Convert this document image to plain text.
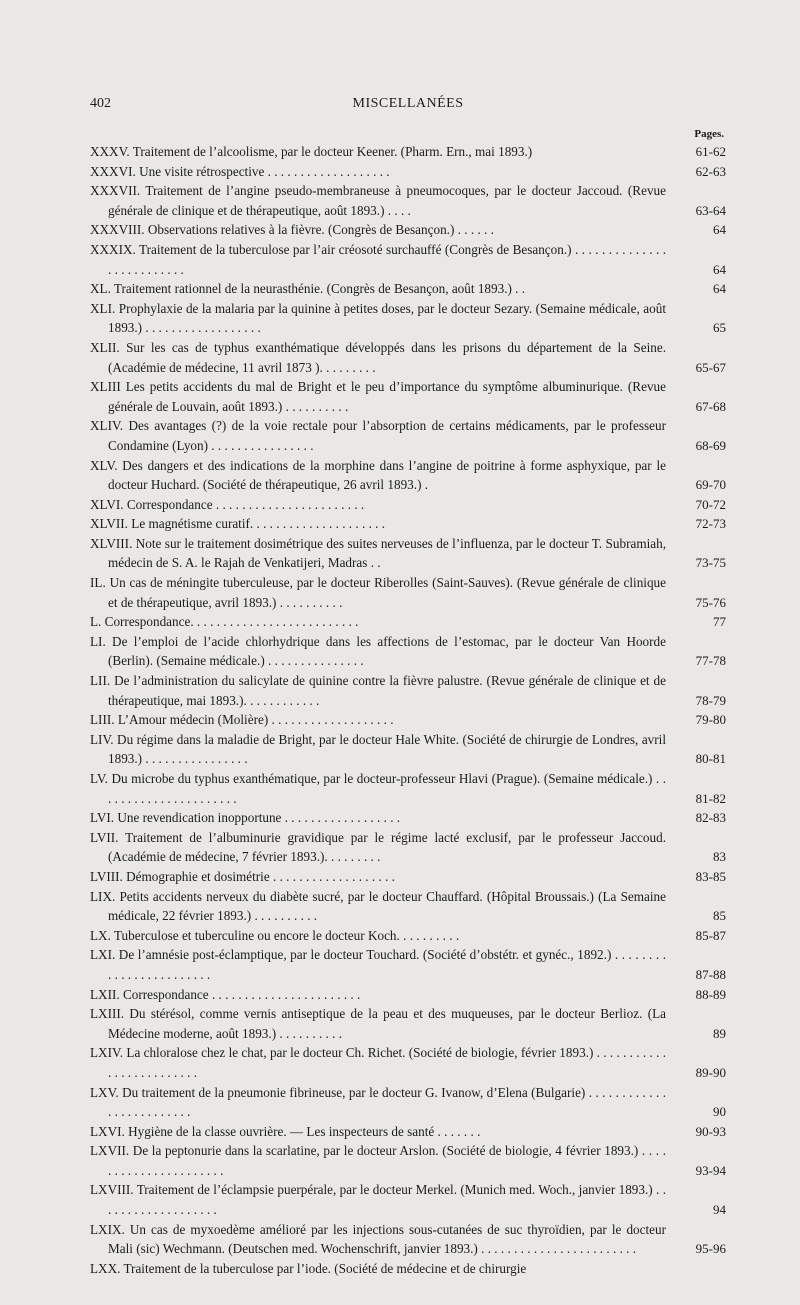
402	MISCELLANÉES
Pages.
XXXV. Traitement de l’alcoolisme, par le docteur Keener. (Pharm. Ern., mai 1893.)	61-62
XXXVI. Une visite rétrospective . . . . . . . . . . . . . . . . . . .	62-63
XXXVII. Traitement de l’angine pseudo-membraneuse à pneumocoques, par le docteur Jaccoud. (Revue générale de clinique et de thérapeutique, août 1893.) . . . .	63-64
XXXVIII. Observations relatives à la fièvre. (Congrès de Besançon.) . . . . . .	64
XXXIX. Traitement de la tuberculose par l’air créosoté surchauffé (Congrès de Besançon.) . . . . . . . . . . . . . . . . . . . . . . . . . .	64
XL. Traitement rationnel de la neurasthénie. (Congrès de Besançon, août 1893.) . .	64
XLI. Prophylaxie de la malaria par la quinine à petites doses, par le docteur Sezary. (Semaine médicale, août 1893.) . . . . . . . . . . . . . . . . . .	65
XLII. Sur les cas de typhus exanthématique développés dans les prisons du département de la Seine. (Académie de médecine, 11 avril 1873 ). . . . . . . . .	65-67
XLIII Les petits accidents du mal de Bright et le peu d’importance du symptôme albuminurique. (Revue générale de Louvain, août 1893.) . . . . . . . . . .	67-68
XLIV. Des avantages (?) de la voie rectale pour l’absorption de certains médicaments, par le professeur Condamine (Lyon) . . . . . . . . . . . . . . . .	68-69
XLV. Des dangers et des indications de la morphine dans l’angine de poitrine à forme asphyxique, par le docteur Huchard. (Société de thérapeutique, 26 avril 1893.) .	69-70
XLVI. Correspondance . . . . . . . . . . . . . . . . . . . . . . .	70-72
XLVII. Le magnétisme curatif. . . . . . . . . . . . . . . . . . . . .	72-73
XLVIII. Note sur le traitement dosimétrique des suites nerveuses de l’influenza, par le docteur T. Subramiah, médecin de S. A. le Rajah de Venkatijeri, Madras . .	73-75
IL. Un cas de méningite tuberculeuse, par le docteur Riberolles (Saint-Sauves). (Revue générale de clinique et de thérapeutique, avril 1893.) . . . . . . . . . .	75-76
L. Correspondance. . . . . . . . . . . . . . . . . . . . . . . . . .	77
LI. De l’emploi de l’acide chlorhydrique dans les affections de l’estomac, par le docteur Van Hoorde (Berlin). (Semaine médicale.) . . . . . . . . . . . . . . .	77-78
LII. De l’administration du salicylate de quinine contre la fièvre palustre. (Revue générale de clinique et de thérapeutique, mai 1893.). . . . . . . . . . . .	78-79
LIII. L’Amour médecin (Molière) . . . . . . . . . . . . . . . . . . .	79-80
LIV. Du régime dans la maladie de Bright, par le docteur Hale White. (Société de chirurgie de Londres, avril 1893.) . . . . . . . . . . . . . . . .	80-81
LV. Du microbe du typhus exanthématique, par le docteur-professeur Hlavi (Prague). (Semaine médicale.) . . . . . . . . . . . . . . . . . . . . . .	81-82
LVI. Une revendication inopportune . . . . . . . . . . . . . . . . . .	82-83
LVII. Traitement de l’albuminurie gravidique par le régime lacté exclusif, par le professeur Jaccoud. (Académie de médecine, 7 février 1893.). . . . . . . . .	83
LVIII. Démographie et dosimétrie . . . . . . . . . . . . . . . . . . .	83-85
LIX. Petits accidents nerveux du diabète sucré, par le docteur Chauffard. (Hôpital Broussais.) (La Semaine médicale, 22 février 1893.) . . . . . . . . . .	85
LX. Tuberculose et tuberculine ou encore le docteur Koch. . . . . . . . . .	85-87
LXI. De l’amnésie post-éclamptique, par le docteur Touchard. (Société d’obstétr. et gynéc., 1892.) . . . . . . . . . . . . . . . . . . . . . . . .	87-88
LXII. Correspondance . . . . . . . . . . . . . . . . . . . . . . .	88-89
LXIII. Du stérésol, comme vernis antiseptique de la peau et des muqueuses, par le docteur Berlioz. (La Médecine moderne, août 1893.) . . . . . . . . . .	89
LXIV. La chloralose chez le chat, par le docteur Ch. Richet. (Société de biologie, février 1893.) . . . . . . . . . . . . . . . . . . . . . . . . .	89-90
LXV. Du traitement de la pneumonie fibrineuse, par le docteur G. Ivanow, d’Elena (Bulgarie) . . . . . . . . . . . . . . . . . . . . . . . . .	90
LXVI. Hygiène de la classe ouvrière. — Les inspecteurs de santé . . . . . . .	90-93
LXVII. De la peptonurie dans la scarlatine, par le docteur Arslon. (Société de biologie, 4 février 1893.) . . . . . . . . . . . . . . . . . . . . . .	93-94
LXVIII. Traitement de l’éclampsie puerpérale, par le docteur Merkel. (Munich med. Woch., janvier 1893.) . . . . . . . . . . . . . . . . . . .	94
LXIX. Un cas de myxoedème amélioré par les injections sous-cutanées de suc thyroïdien, par le docteur Mali (sic) Wechmann. (Deutschen med. Wochenschrift, janvier 1893.) . . . . . . . . . . . . . . . . . . . . . . . .	95-96
LXX. Traitement de la tuberculose par l’iode. (Société de médecine et de chirurgie
